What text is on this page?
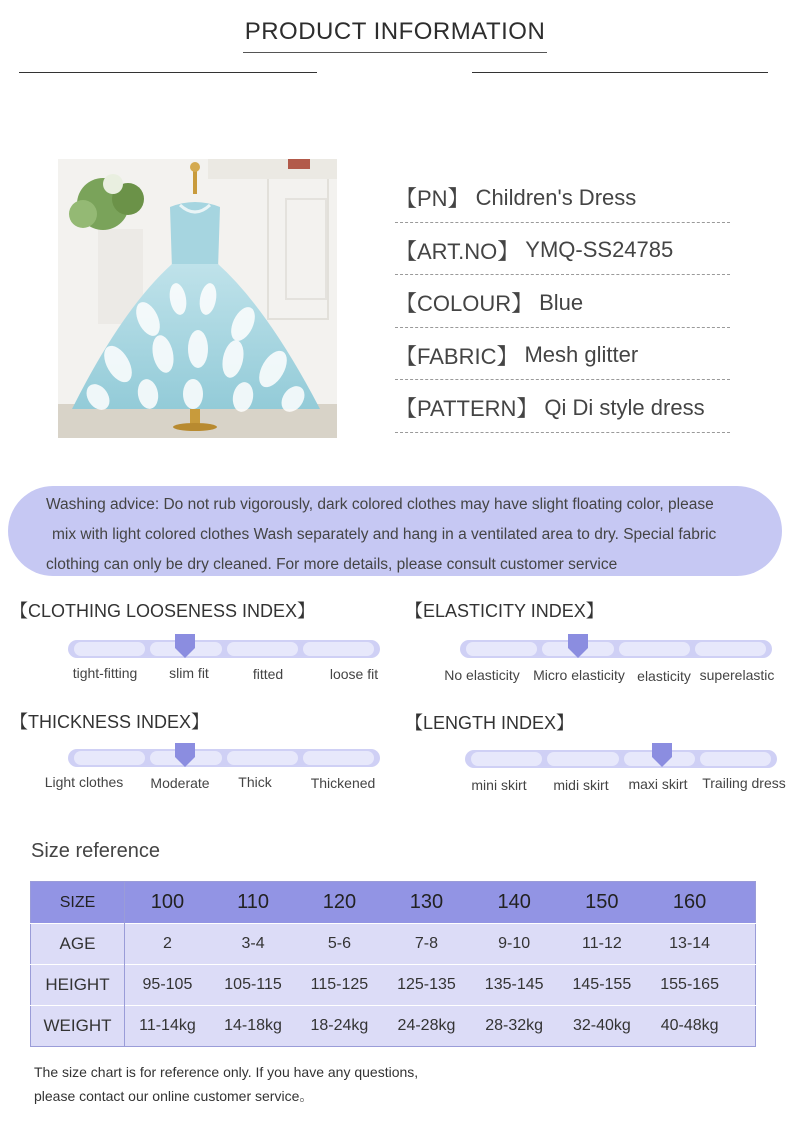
PRODUCT INFORMATION
【PN】 Children's Dress
【ART.NO】 YMQ-SS24785
【COLOUR】 Blue
【FABRIC】 Mesh glitter
【PATTERN】 Qi Di style dress

Washing advice: Do not rub vigorously, dark colored clothes may have slight floating color, please

mix with light colored clothes Wash separately and hang in a ventilated area to dry. Special fabric

clothing can only be dry cleaned. For more details, please consult customer service

【CLOTHING LOOSENESS INDEX】
tight-fitting slim fit	fitted	loose fit
【ELASTICITY INDEX】
No elasticity Micro elasticity elasticity superelastic
【THICKNESS INDEX】
Light clothes Moderate Thick	Thickened
【LENGTH INDEX】
mini skirt midi skirt maxi skirt Trailing dress
Size reference
SIZE	100	110	120	130	140	150	160	
AGE	2	3-4	5-6	7-8	9-10	11-12	13-14	
HEIGHT	95-105	105-115	115-125	125-135	135-145	145-155	155-165	
WEIGHT	11-14kg	14-18kg	18-24kg	24-28kg	28-32kg	32-40kg	40-48kg	
The size chart is for reference only. If you have any questions,
please contact our online customer service。
